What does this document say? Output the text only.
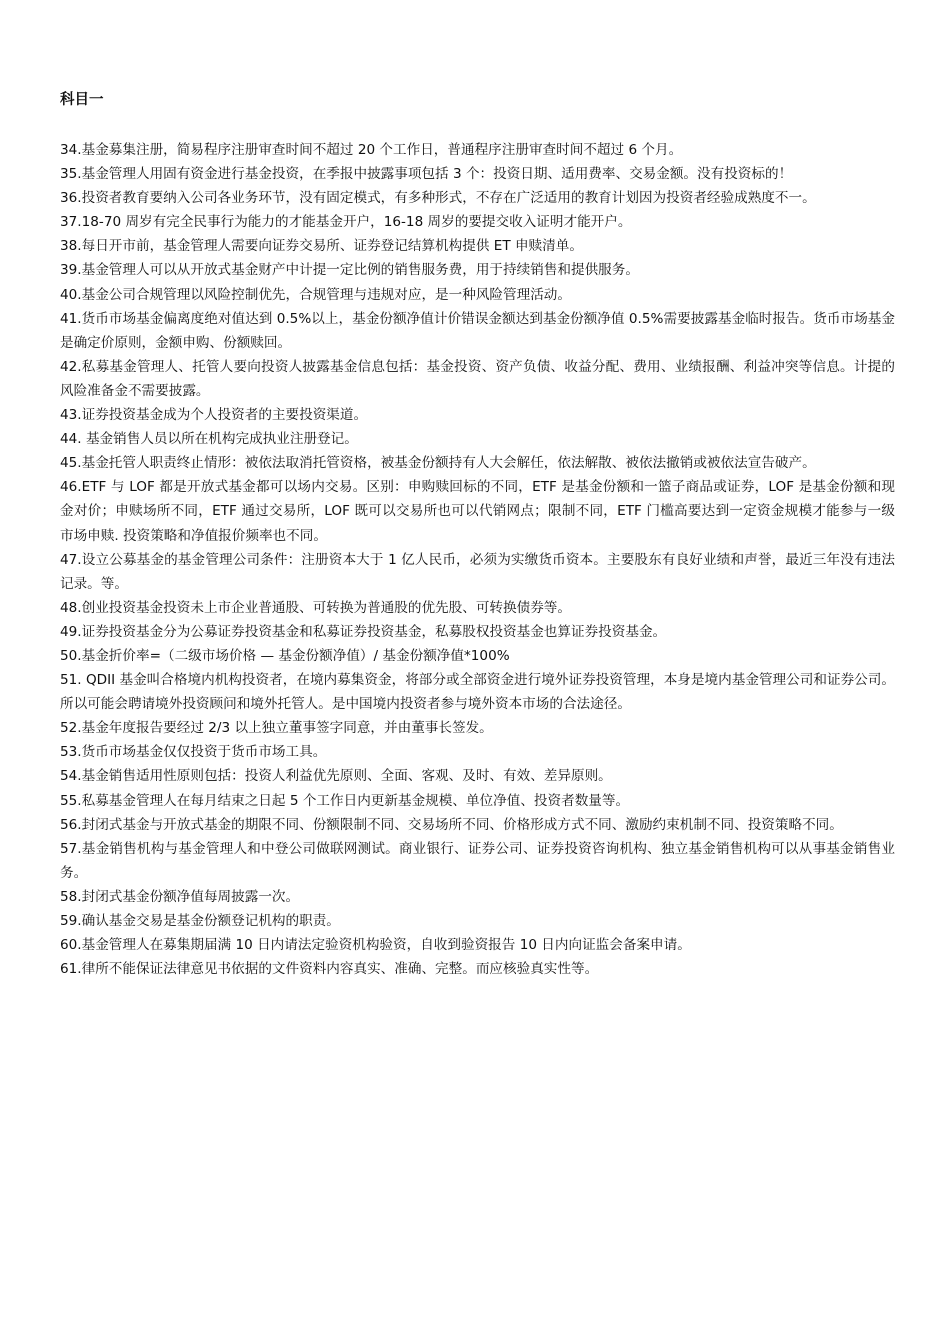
科目一
34.基金募集注册，简易程序注册审查时间不超过 20 个工作日，普通程序注册审查时间不超过 6 个月。
35.基金管理人用固有资金进行基金投资，在季报中披露事项包括 3 个：投资日期、适用费率、交易金额。没有投资标的！
36.投资者教育要纳入公司各业务环节，没有固定模式，有多种形式，不存在广泛适用的教育计划因为投资者经验成熟度不一。
37.18-70 周岁有完全民事行为能力的才能基金开户，16-18 周岁的要提交收入证明才能开户。
38.每日开市前，基金管理人需要向证券交易所、证券登记结算机构提供 ET 申赎清单。
39.基金管理人可以从开放式基金财产中计提一定比例的销售服务费，用于持续销售和提供服务。
40.基金公司合规管理以风险控制优先，合规管理与违规对应，是一种风险管理活动。
41.货币市场基金偏离度绝对值达到 0.5%以上，基金份额净值计价错误金额达到基金份额净值 0.5%需要披露基金临时报告。货币市场基金是确定价原则，金额申购、份额赎回。
42.私募基金管理人、托管人要向投资人披露基金信息包括：基金投资、资产负债、收益分配、费用、业绩报酬、利益冲突等信息。计提的风险准备金不需要披露。
43.证券投资基金成为个人投资者的主要投资渠道。
44. 基金销售人员以所在机构完成执业注册登记。
45.基金托管人职责终止情形：被依法取消托管资格，被基金份额持有人大会解任，依法解散、被依法撤销或被依法宣告破产。
46.ETF 与 LOF 都是开放式基金都可以场内交易。区别：申购赎回标的不同，ETF 是基金份额和一篮子商品或证券，LOF 是基金份额和现金对价；申赎场所不同，ETF 通过交易所，LOF 既可以交易所也可以代销网点；限制不同，ETF 门槛高要达到一定资金规模才能参与一级市场申赎. 投资策略和净值报价频率也不同。
47.设立公募基金的基金管理公司条件：注册资本大于 1 亿人民币，必须为实缴货币资本。主要股东有良好业绩和声誉，最近三年没有违法记录。等。
48.创业投资基金投资未上市企业普通股、可转换为普通股的优先股、可转换债券等。
49.证券投资基金分为公募证券投资基金和私募证券投资基金，私募股权投资基金也算证券投资基金。
50.基金折价率=（二级市场价格 — 基金份额净值）/ 基金份额净值*100%
51. QDII 基金叫合格境内机构投资者，在境内募集资金，将部分或全部资金进行境外证券投资管理，本身是境内基金管理公司和证券公司。所以可能会聘请境外投资顾问和境外托管人。是中国境内投资者参与境外资本市场的合法途径。
52.基金年度报告要经过 2/3 以上独立董事签字同意，并由董事长签发。
53.货币市场基金仅仅投资于货币市场工具。
54.基金销售适用性原则包括：投资人利益优先原则、全面、客观、及时、有效、差异原则。
55.私募基金管理人在每月结束之日起 5 个工作日内更新基金规模、单位净值、投资者数量等。
56.封闭式基金与开放式基金的期限不同、份额限制不同、交易场所不同、价格形成方式不同、激励约束机制不同、投资策略不同。
57.基金销售机构与基金管理人和中登公司做联网测试。商业银行、证券公司、证券投资咨询机构、独立基金销售机构可以从事基金销售业务。
58.封闭式基金份额净值每周披露一次。
59.确认基金交易是基金份额登记机构的职责。
60.基金管理人在募集期届满 10 日内请法定验资机构验资，自收到验资报告 10 日内向证监会备案申请。
61.律所不能保证法律意见书依据的文件资料内容真实、准确、完整。而应核验真实性等。
